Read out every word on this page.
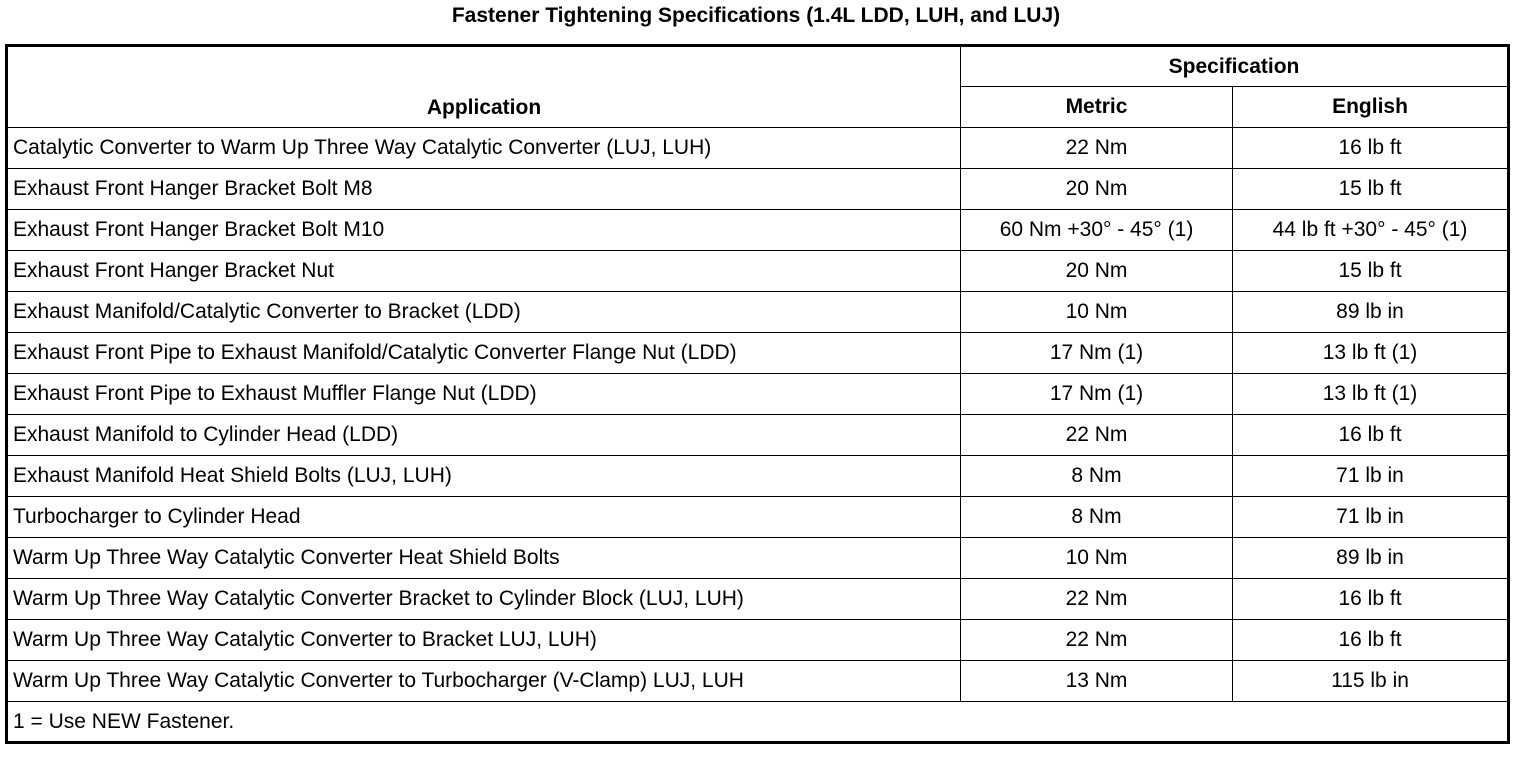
Fastener Tightening Specifications (1.4L LDD, LUH, and LUJ)
Application	Specification	
	Metric	English
Catalytic Converter to Warm Up Three Way Catalytic Converter (LUJ, LUH)	22 Nm	16 lb ft
Exhaust Front Hanger Bracket Bolt M8	20 Nm	15 lb ft
Exhaust Front Hanger Bracket Bolt M10	60 Nm +30° - 45° (1)	44 lb ft +30° - 45° (1)
Exhaust Front Hanger Bracket Nut	20 Nm	15 lb ft
Exhaust Manifold/Catalytic Converter to Bracket (LDD)	10 Nm	89 lb in
Exhaust Front Pipe to Exhaust Manifold/Catalytic Converter Flange Nut (LDD)	17 Nm (1)	13 lb ft (1)
Exhaust Front Pipe to Exhaust Muffler Flange Nut (LDD)	17 Nm (1)	13 lb ft (1)
Exhaust Manifold to Cylinder Head (LDD)	22 Nm	16 lb ft
Exhaust Manifold Heat Shield Bolts (LUJ, LUH)	8 Nm	71 lb in
Turbocharger to Cylinder Head	8 Nm	71 lb in
Warm Up Three Way Catalytic Converter Heat Shield Bolts	10 Nm	89 lb in
Warm Up Three Way Catalytic Converter Bracket to Cylinder Block (LUJ, LUH)	22 Nm	16 lb ft
Warm Up Three Way Catalytic Converter to Bracket LUJ, LUH)	22 Nm	16 lb ft
Warm Up Three Way Catalytic Converter to Turbocharger (V-Clamp) LUJ, LUH	13 Nm	115 lb in
1 = Use NEW Fastener.		
